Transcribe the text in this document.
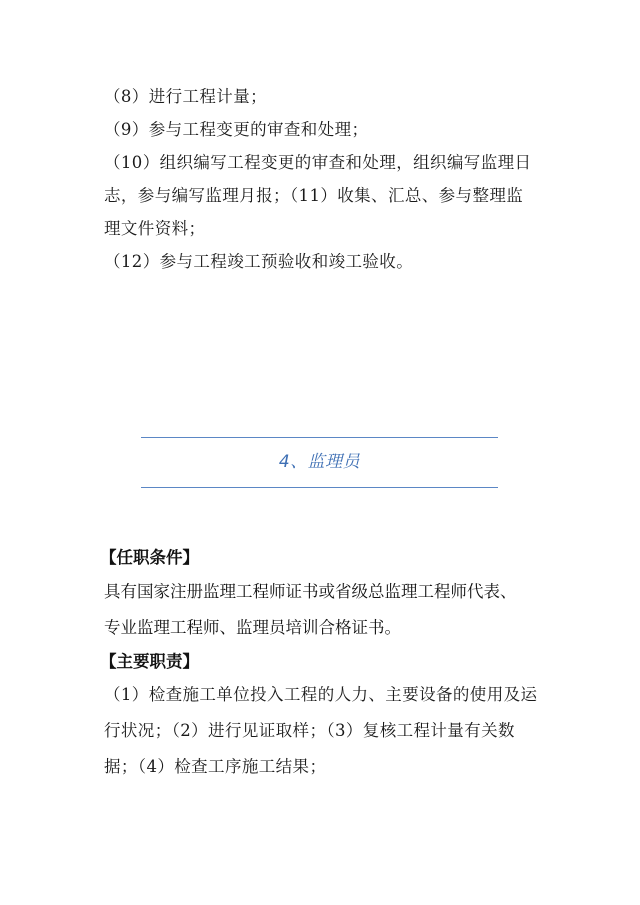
（8）进行工程计量；
（9）参与工程变更的审查和处理；
（10）组织编写工程变更的审查和处理，组织编写监理日
志，参与编写监理月报；（11）收集、汇总、参与整理监
理文件资料；
（12）参与工程竣工预验收和竣工验收。
4、监理员
【任职条件】
具有国家注册监理工程师证书或省级总监理工程师代表、
专业监理工程师、监理员培训合格证书。
【主要职责】
（1）检查施工单位投入工程的人力、主要设备的使用及运
行状况；（2）进行见证取样；（3）复核工程计量有关数
据；（4）检查工序施工结果；
